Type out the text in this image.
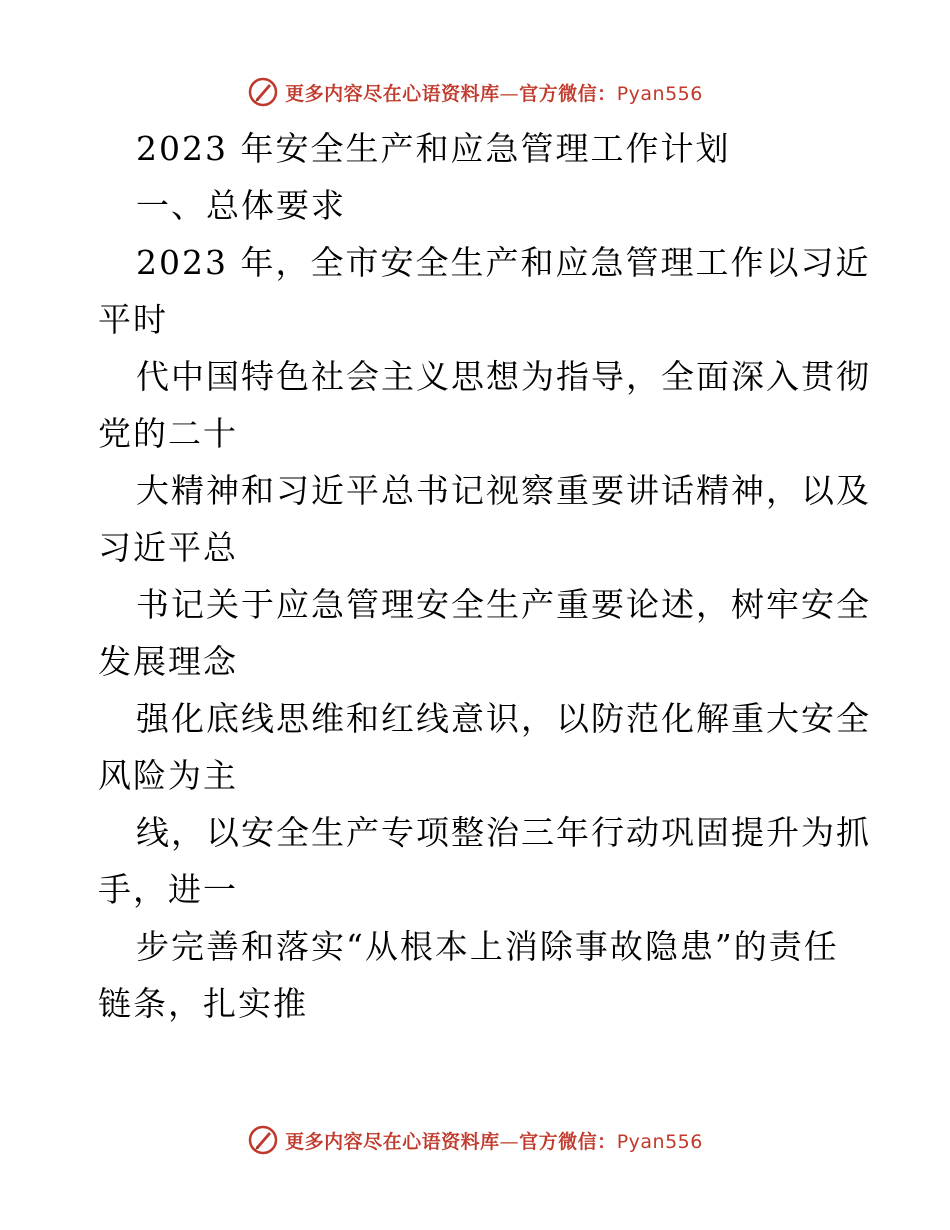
更多内容尽在心语资料库—官方微信：Pyan556
2023 年安全生产和应急管理工作计划
一、总体要求
2023 年，全市安全生产和应急管理工作以习近
平时
代中国特色社会主义思想为指导，全面深入贯彻
党的二十
大精神和习近平总书记视察重要讲话精神，以及
习近平总
书记关于应急管理安全生产重要论述，树牢安全
发展理念
强化底线思维和红线意识，以防范化解重大安全
风险为主
线，以安全生产专项整治三年行动巩固提升为抓
手，进一
步完善和落实“从根本上消除事故隐患”的责任
链条，扎实推
更多内容尽在心语资料库—官方微信：Pyan556
